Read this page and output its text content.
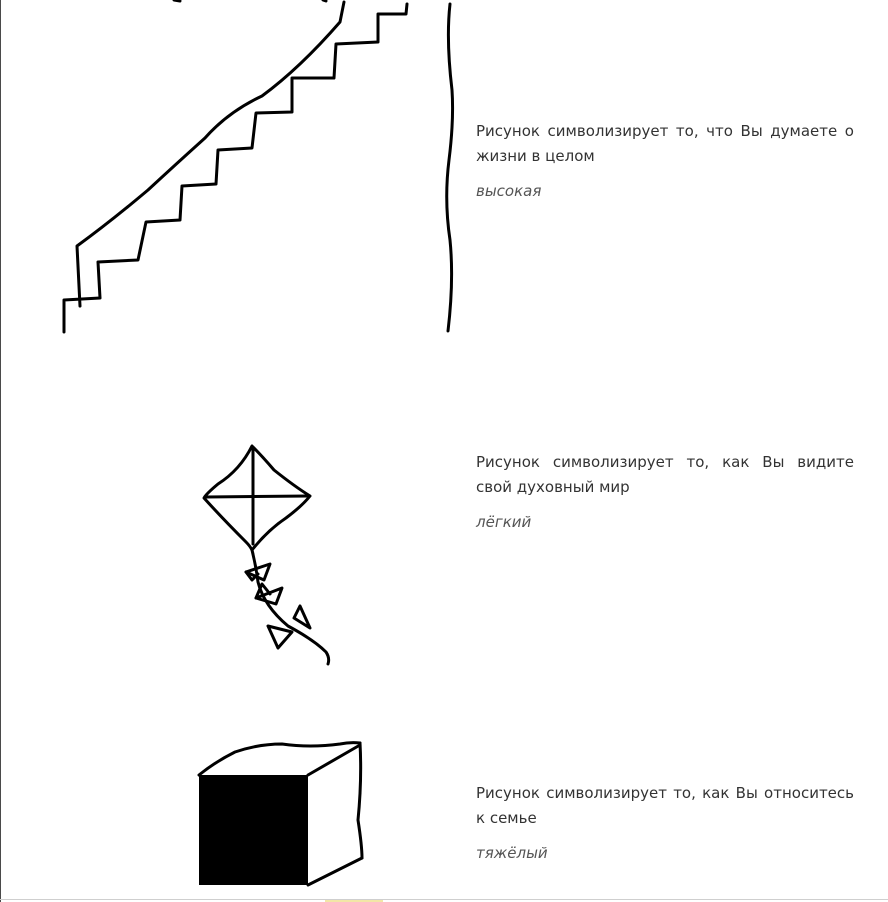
Рисунок символизирует то, что Вы думаете о жизни в целом

высокая

Рисунок символизирует то, как Вы видите свой духовный мир

лёгкий

Рисунок символизирует то, как Вы относитесь к семье

тяжёлый
